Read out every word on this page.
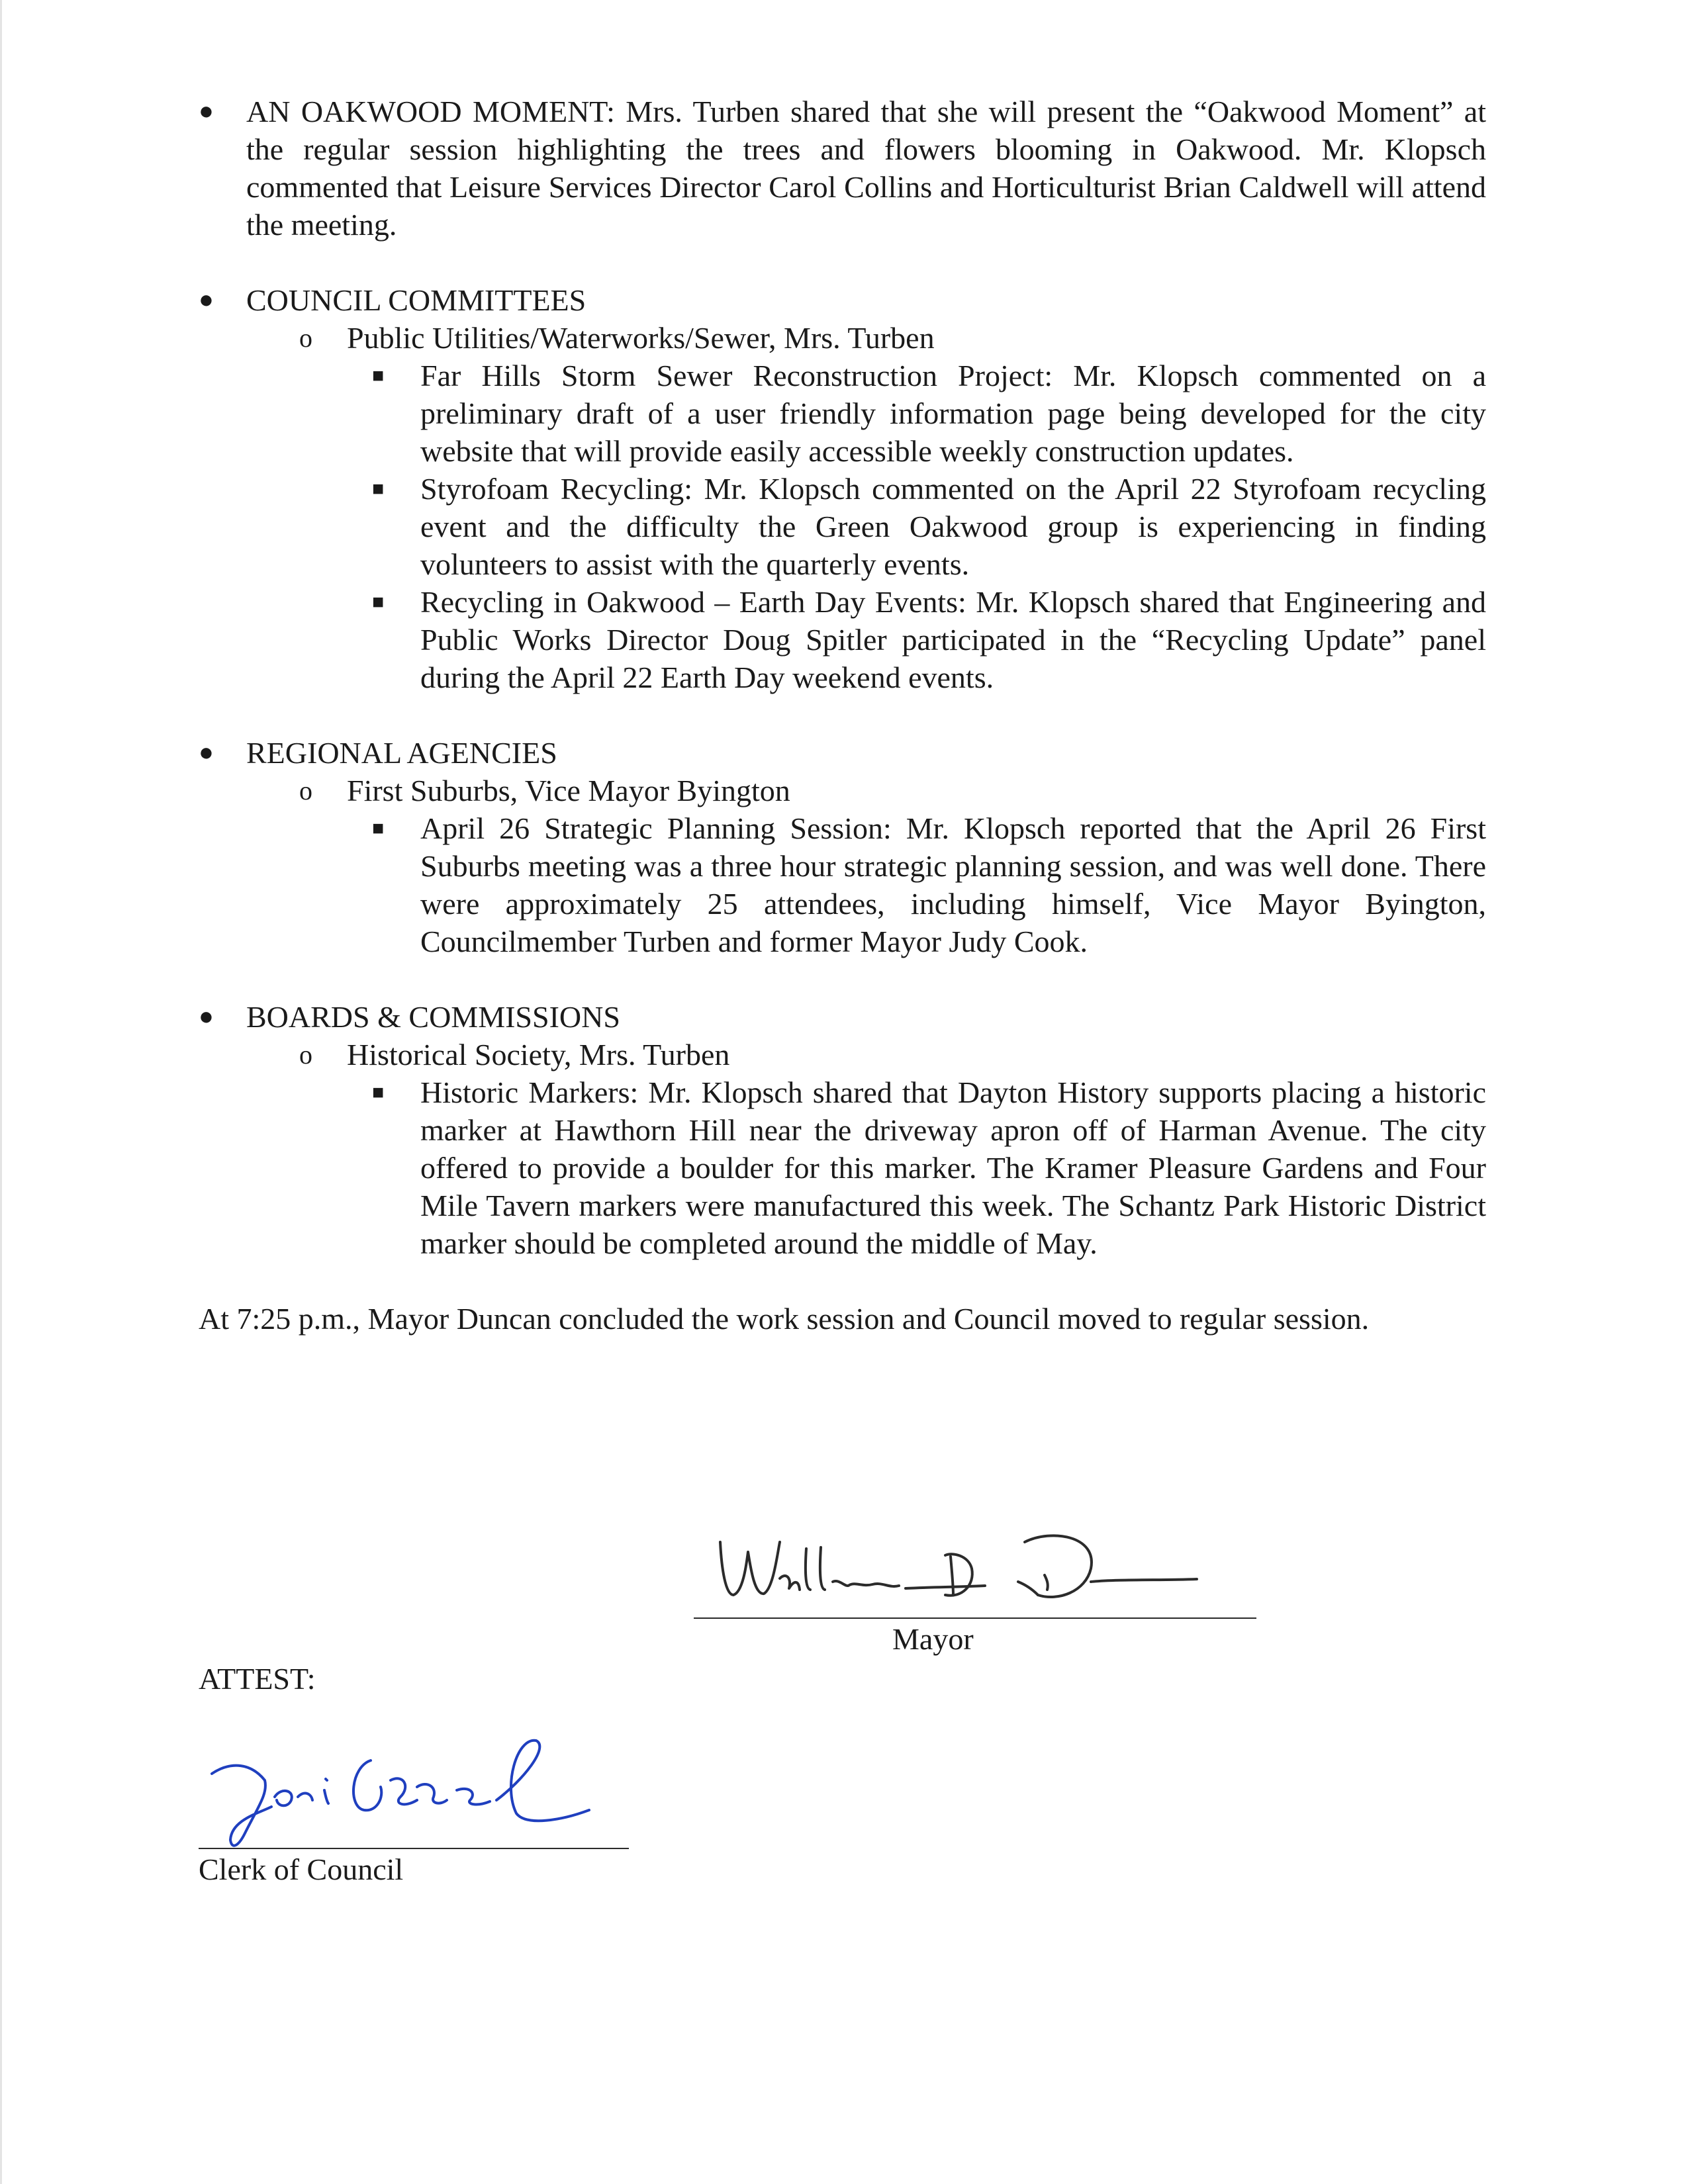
● AN OAKWOOD MOMENT: Mrs. Turben shared that she will present the “Oakwood Moment” at the regular session highlighting the trees and flowers blooming in Oakwood. Mr. Klopsch commented that Leisure Services Director Carol Collins and Horticulturist Brian Caldwell will attend the meeting.
● COUNCIL COMMITTEES
o	Public Utilities/Waterworks/Sewer, Mrs. Turben
■ Far Hills Storm Sewer Reconstruction Project: Mr. Klopsch commented on a preliminary draft of a user friendly information page being developed for the city website that will provide easily accessible weekly construction updates.
■ Styrofoam Recycling: Mr. Klopsch commented on the April 22 Styrofoam recycling event and the difficulty the Green Oakwood group is experiencing in finding volunteers to assist with the quarterly events.
■ Recycling in Oakwood – Earth Day Events: Mr. Klopsch shared that Engineering and Public Works Director Doug Spitler participated in the “Recycling Update” panel during the April 22 Earth Day weekend events.
● REGIONAL AGENCIES
o	First Suburbs, Vice Mayor Byington
■ April 26 Strategic Planning Session: Mr. Klopsch reported that the April 26 First Suburbs meeting was a three hour strategic planning session, and was well done. There were approximately 25 attendees, including himself, Vice Mayor Byington, Councilmember Turben and former Mayor Judy Cook.
● BOARDS & COMMISSIONS
o	Historical Society, Mrs. Turben
■ Historic Markers: Mr. Klopsch shared that Dayton History supports placing a historic marker at Hawthorn Hill near the driveway apron off of Harman Avenue. The city offered to provide a boulder for this marker. The Kramer Pleasure Gardens and Four Mile Tavern markers were manufactured this week. The Schantz Park Historic District marker should be completed around the middle of May.
At 7:25 p.m., Mayor Duncan concluded the work session and Council moved to regular session.
Mayor
ATTEST:
Clerk of Council
